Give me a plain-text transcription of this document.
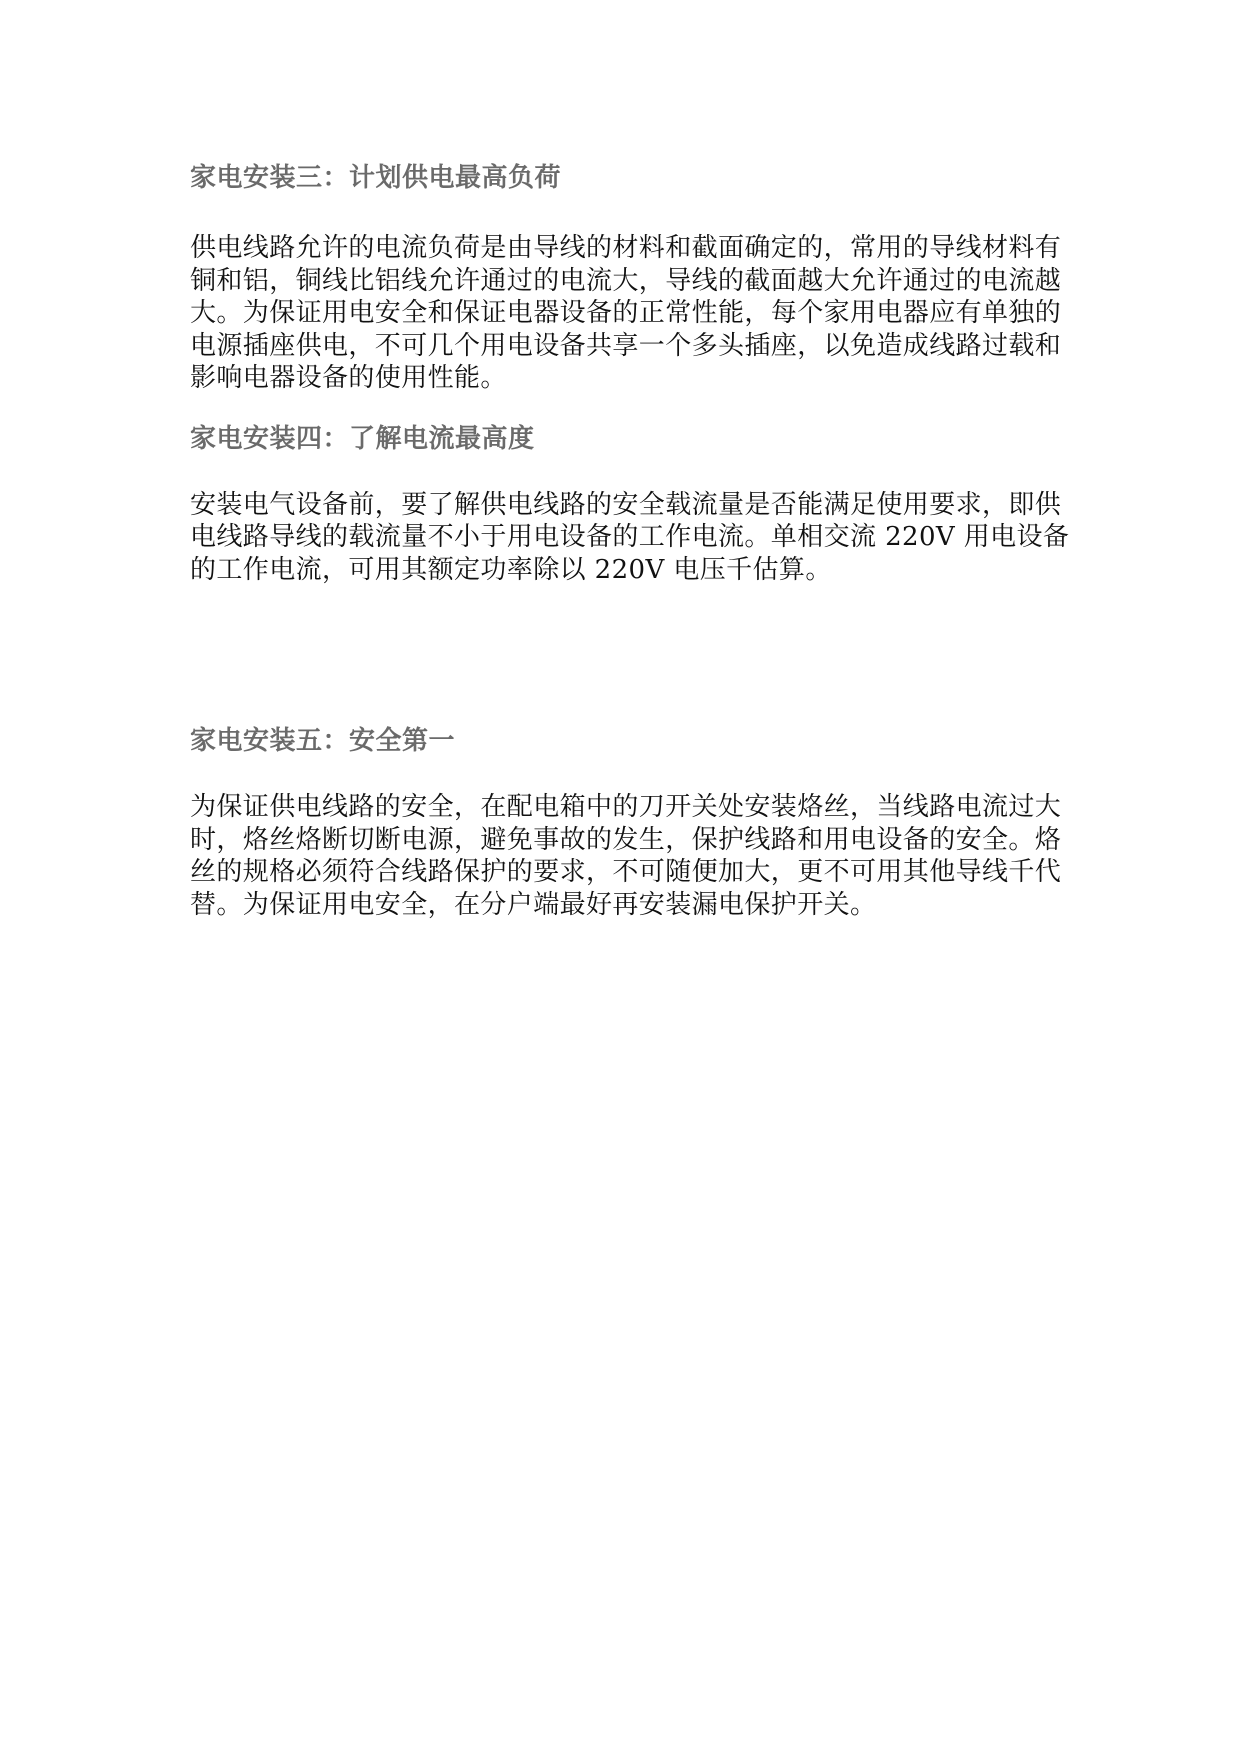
家电安装三：计划供电最高负荷

供电线路允许的电流负荷是由导线的材料和截面确定的，常用的导线材料有铜和铝，铜线比铝线允许通过的电流大，导线的截面越大允许通过的电流越大。为保证用电安全和保证电器设备的正常性能，每个家用电器应有单独的电源插座供电，不可几个用电设备共享一个多头插座，以免造成线路过载和影响电器设备的使用性能。

家电安装四：了解电流最高度

安装电气设备前，要了解供电线路的安全载流量是否能满足使用要求，即供电线路导线的载流量不小于用电设备的工作电流。单相交流 220V 用电设备的工作电流，可用其额定功率除以 220V 电压千估算。

家电安装五：安全第一

为保证供电线路的安全，在配电箱中的刀开关处安装烙丝，当线路电流过大时，烙丝烙断切断电源，避免事故的发生，保护线路和用电设备的安全。烙丝的规格必须符合线路保护的要求，不可随便加大，更不可用其他导线千代替。为保证用电安全，在分户端最好再安装漏电保护开关。
